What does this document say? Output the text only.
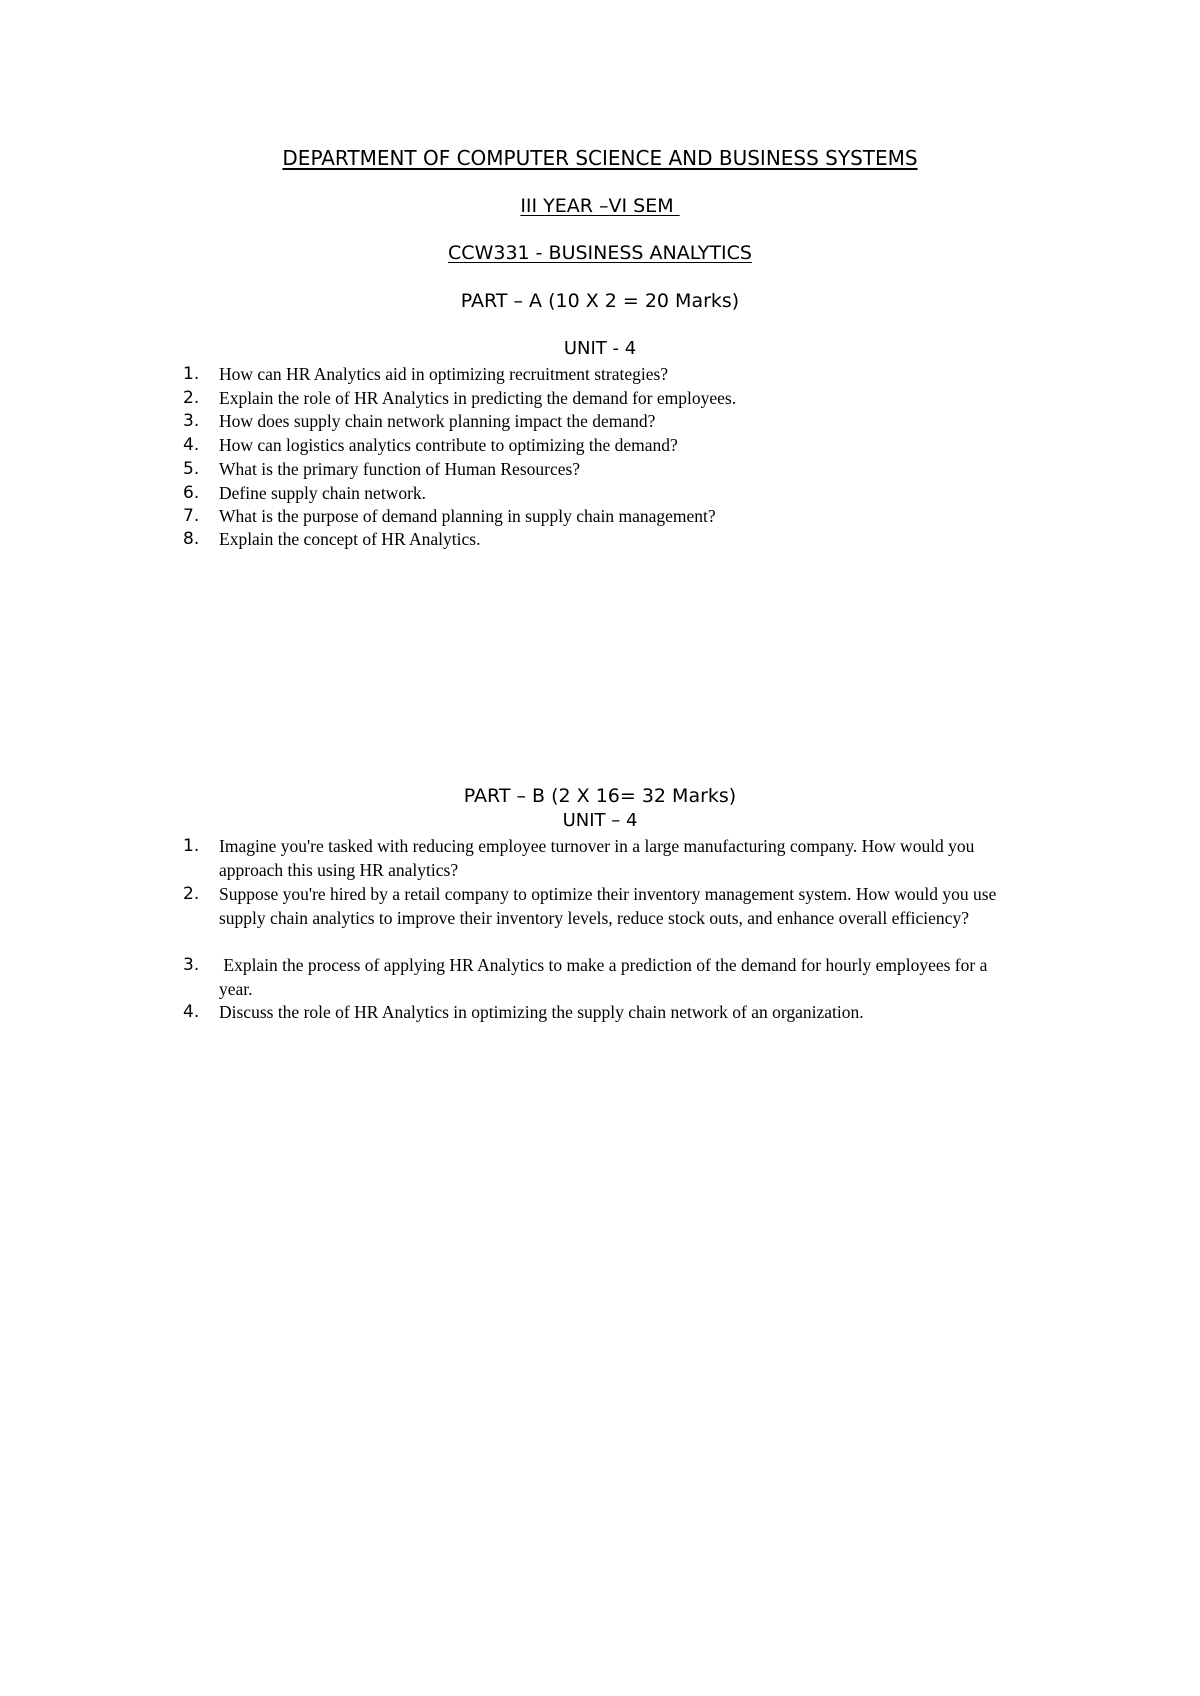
DEPARTMENT OF COMPUTER SCIENCE AND BUSINESS SYSTEMS
III YEAR –VI SEM
CCW331 - BUSINESS ANALYTICS
PART – A (10 X 2 = 20 Marks)
UNIT - 4
1. How can HR Analytics aid in optimizing recruitment strategies?
2. Explain the role of HR Analytics in predicting the demand for employees.
3. How does supply chain network planning impact the demand?
4. How can logistics analytics contribute to optimizing the demand?
5. What is the primary function of Human Resources?
6. Define supply chain network.
7. What is the purpose of demand planning in supply chain management?
8. Explain the concept of HR Analytics.
PART – B (2 X 16= 32 Marks)
UNIT – 4
1. Imagine you're tasked with reducing employee turnover in a large manufacturing company. How would you approach this using HR analytics?
2. Suppose you're hired by a retail company to optimize their inventory management system. How would you use supply chain analytics to improve their inventory levels, reduce stock outs, and enhance overall efficiency?
3. Explain the process of applying HR Analytics to make a prediction of the demand for hourly employees for a year.
4. Discuss the role of HR Analytics in optimizing the supply chain network of an organization.
